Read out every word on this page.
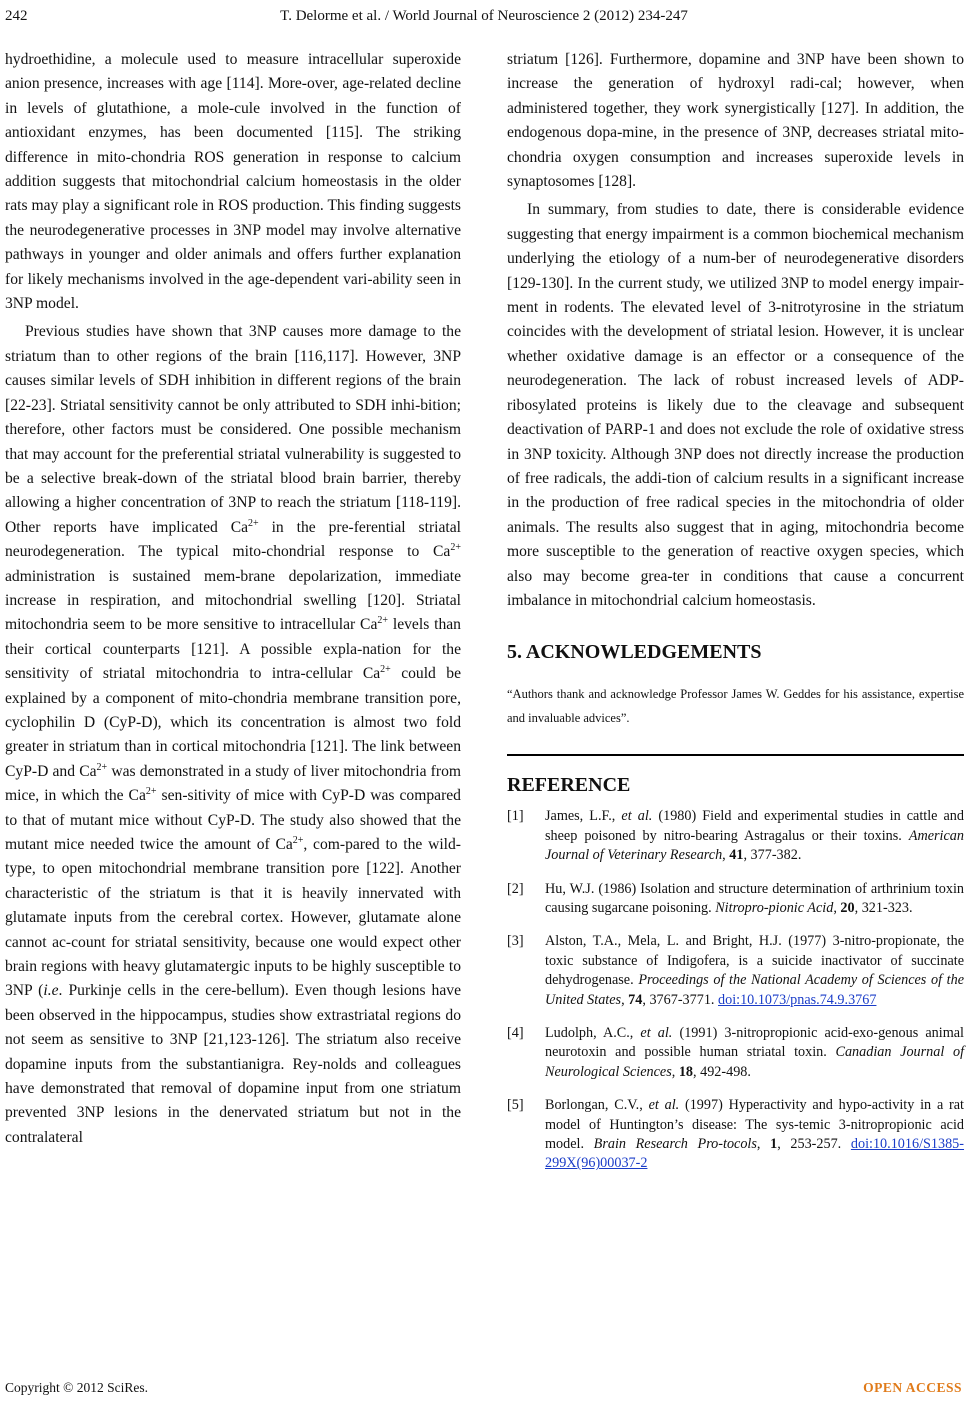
242	T. Delorme et al. / World Journal of Neuroscience 2 (2012) 234-247

hydroethidine, a molecule used to measure intracellular superoxide anion presence, increases with age [114]. More-over, age-related decline in levels of glutathione, a mole-cule involved in the function of antioxidant enzymes, has been documented [115]. The striking difference in mito-chondria ROS generation in response to calcium addition suggests that mitochondrial calcium homeostasis in the older rats may play a significant role in ROS production. This finding suggests the neurodegenerative processes in 3NP model may involve alternative pathways in younger and older animals and offers further explanation for likely mechanisms involved in the age-dependent vari-ability seen in 3NP model.

Previous studies have shown that 3NP causes more damage to the striatum than to other regions of the brain [116,117]. However, 3NP causes similar levels of SDH inhibition in different regions of the brain [22-23]. Striatal sensitivity cannot be only attributed to SDH inhi-bition; therefore, other factors must be considered. One possible mechanism that may account for the preferential striatal vulnerability is suggested to be a selective break-down of the striatal blood brain barrier, thereby allowing a higher concentration of 3NP to reach the striatum [118-119]. Other reports have implicated $Ca^{2+}$ in the pre-ferential striatal neurodegeneration. The typical mito-chondrial response to $Ca^{2+}$ administration is sustained mem-brane depolarization, immediate increase in respiration, and mitochondrial swelling [120]. Striatal mitochondria seem to be more sensitive to intracellular $Ca^{2+}$ levels than their cortical counterparts [121]. A possible expla-nation for the sensitivity of striatal mitochondria to intra-cellular $Ca^{2+}$ could be explained by a component of mito-chondria membrane transition pore, cyclophilin D (CyP-D), which its concentration is almost two fold greater in striatum than in cortical mitochondria [121]. The link between CyP-D and $Ca^{2+}$ was demonstrated in a study of liver mitochondria from mice, in which the $Ca^{2+}$ sen-sitivity of mice with CyP-D was compared to that of mutant mice without CyP-D. The study also showed that the mutant mice needed twice the amount of $Ca^{2+}$, com-pared to the wild-type, to open mitochondrial membrane transition pore [122]. Another characteristic of the striatum is that it is heavily innervated with glutamate inputs from the cerebral cortex. However, glutamate alone cannot ac-count for striatal sensitivity, because one would expect other brain regions with heavy glutamatergic inputs to be highly susceptible to 3NP (i.e. Purkinje cells in the cere-bellum). Even though lesions have been observed in the hippocampus, studies show extrastriatal regions do not seem as sensitive to 3NP [21,123-126]. The striatum also receive dopamine inputs from the substantianigra. Rey-nolds and colleagues have demonstrated that removal of dopamine input from one striatum prevented 3NP lesions in the denervated striatum but not in the contralateral

striatum [126]. Furthermore, dopamine and 3NP have been shown to increase the generation of hydroxyl radi-cal; however, when administered together, they work synergistically [127]. In addition, the endogenous dopa-mine, in the presence of 3NP, decreases striatal mito-chondria oxygen consumption and increases superoxide levels in synaptosomes [128].

In summary, from studies to date, there is considerable evidence suggesting that energy impairment is a common biochemical mechanism underlying the etiology of a num-ber of neurodegenerative disorders [129-130]. In the current study, we utilized 3NP to model energy impair-ment in rodents. The elevated level of 3-nitrotyrosine in the striatum coincides with the development of striatal lesion. However, it is unclear whether oxidative damage is an effector or a consequence of the neurodegeneration. The lack of robust increased levels of ADP-ribosylated proteins is likely due to the cleavage and subsequent deactivation of PARP-1 and does not exclude the role of oxidative stress in 3NP toxicity. Although 3NP does not directly increase the production of free radicals, the addi-tion of calcium results in a significant increase in the production of free radical species in the mitochondria of older animals. The results also suggest that in aging, mitochondria become more susceptible to the generation of reactive oxygen species, which also may become grea-ter in conditions that cause a concurrent imbalance in mitochondrial calcium homeostasis.

5. ACKNOWLEDGEMENTS

“Authors thank and acknowledge Professor James W. Geddes for his assistance, expertise and invaluable advices”.

REFERENCE
[1] James, L.F., et al. (1980) Field and experimental studies in cattle and sheep poisoned by nitro-bearing Astragalus or their toxins. American Journal of Veterinary Research, 41, 377-382.
[2] Hu, W.J. (1986) Isolation and structure determination of arthrinium toxin causing sugarcane poisoning. Nitropro-pionic Acid, 20, 321-323.
[3] Alston, T.A., Mela, L. and Bright, H.J. (1977) 3-nitro-propionate, the toxic substance of Indigofera, is a suicide inactivator of succinate dehydrogenase. Proceedings of the National Academy of Sciences of the United States, 74, 3767-3771. doi:10.1073/pnas.74.9.3767
[4] Ludolph, A.C., et al. (1991) 3-nitropropionic acid-exo-genous animal neurotoxin and possible human striatal toxin. Canadian Journal of Neurological Sciences, 18, 492-498.
[5] Borlongan, C.V., et al. (1997) Hyperactivity and hypo-activity in a rat model of Huntington’s disease: The sys-temic 3-nitropropionic acid model. Brain Research Pro-tocols, 1, 253-257. doi:10.1016/S1385-299X(96)00037-2
Copyright © 2012 SciRes.	OPEN ACCESS
